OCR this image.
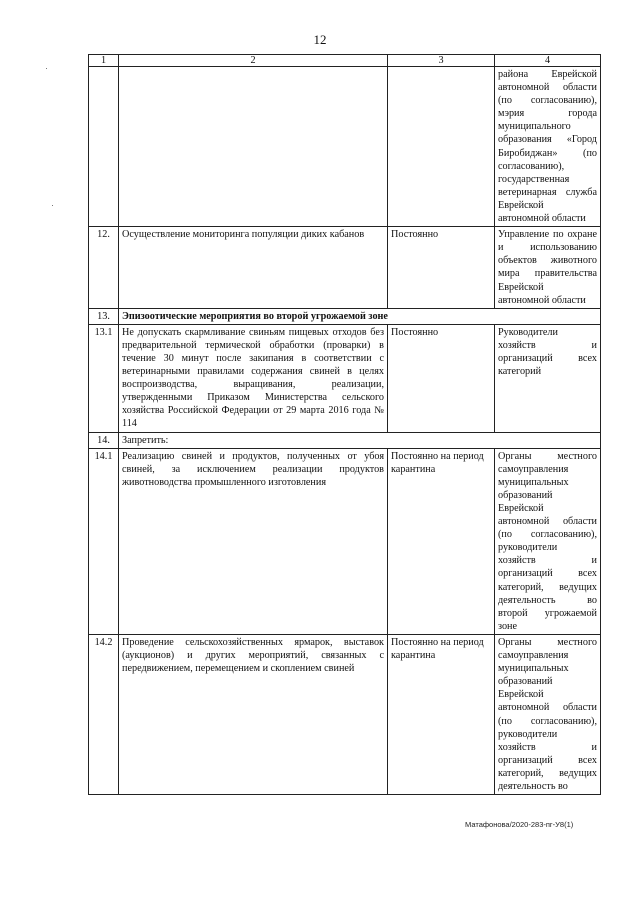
12
1	2	3	4
			района Еврейской автономной области (по согласованию), мэрия города муниципального образования «Город Биробиджан» (по согласованию), государственная ветеринарная служба Еврейской автономной области
12.	Осуществление мониторинга популяции диких кабанов	Постоянно	Управление по охране и использованию объектов животного мира правительства Еврейской автономной области
13.	Эпизоотические мероприятия во второй угрожаемой зоне		
13.1	Не допускать скармливание свиньям пищевых отходов без предварительной термической обработки (проварки) в течение 30 минут после закипания в соответствии с ветеринарными правилами содержания свиней в целях воспроизводства, выращивания, реализации, утвержденными Приказом Министерства сельского хозяйства Российской Федерации от 29 марта 2016 года № 114	Постоянно	Руководители хозяйств и организаций всех категорий
14.	Запретить:		
14.1	Реализацию свиней и продуктов, полученных от убоя свиней, за исключением реализации продуктов животноводства промышленного изготовления	Постоянно на период карантина	Органы местного самоуправления муниципальных образований Еврейской автономной области (по согласованию), руководители хозяйств и организаций всех категорий, ведущих деятельность во второй угрожаемой зоне
14.2	Проведение сельскохозяйственных ярмарок, выставок (аукционов) и других мероприятий, связанных с передвижением, перемещением и скоплением свиней	Постоянно на период карантина	Органы местного самоуправления муниципальных образований Еврейской автономной области (по согласованию), руководители хозяйств и организаций всех категорий, ведущих деятельность во
Матафонова/2020-283-пг-У8(1)
